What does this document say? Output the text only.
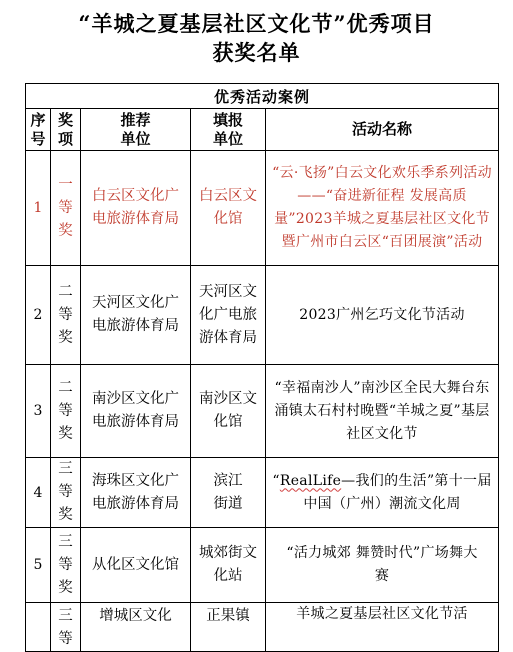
“羊城之夏基层社区文化节”优秀项目
获奖名单
优秀活动案例				
序号	奖项	推荐单位	填报单位	活动名称
1	一等奖	白云区文化广电旅游体育局	白云区文化馆	“云·飞扬”白云文化欢乐季系列活动——“奋进新征程 发展高质量”2023羊城之夏基层社区文化节暨广州市白云区“百团展演”活动
2	二等奖	天河区文化广电旅游体育局	天河区文化广电旅游体育局	2023广州乞巧文化节活动
3	二等奖	南沙区文化广电旅游体育局	南沙区文化馆	“幸福南沙人”南沙区全民大舞台东涌镇太石村村晚暨“羊城之夏”基层社区文化节
4	三等奖	海珠区文化广电旅游体育局	滨江街道	“RealLife—我们的生活”第十一届中国（广州）潮流文化周
5	三等奖	从化区文化馆	城郊街文化站	“活力城郊 舞赞时代”广场舞大赛
	三等	增城区文化	正果镇	羊城之夏基层社区文化节活
